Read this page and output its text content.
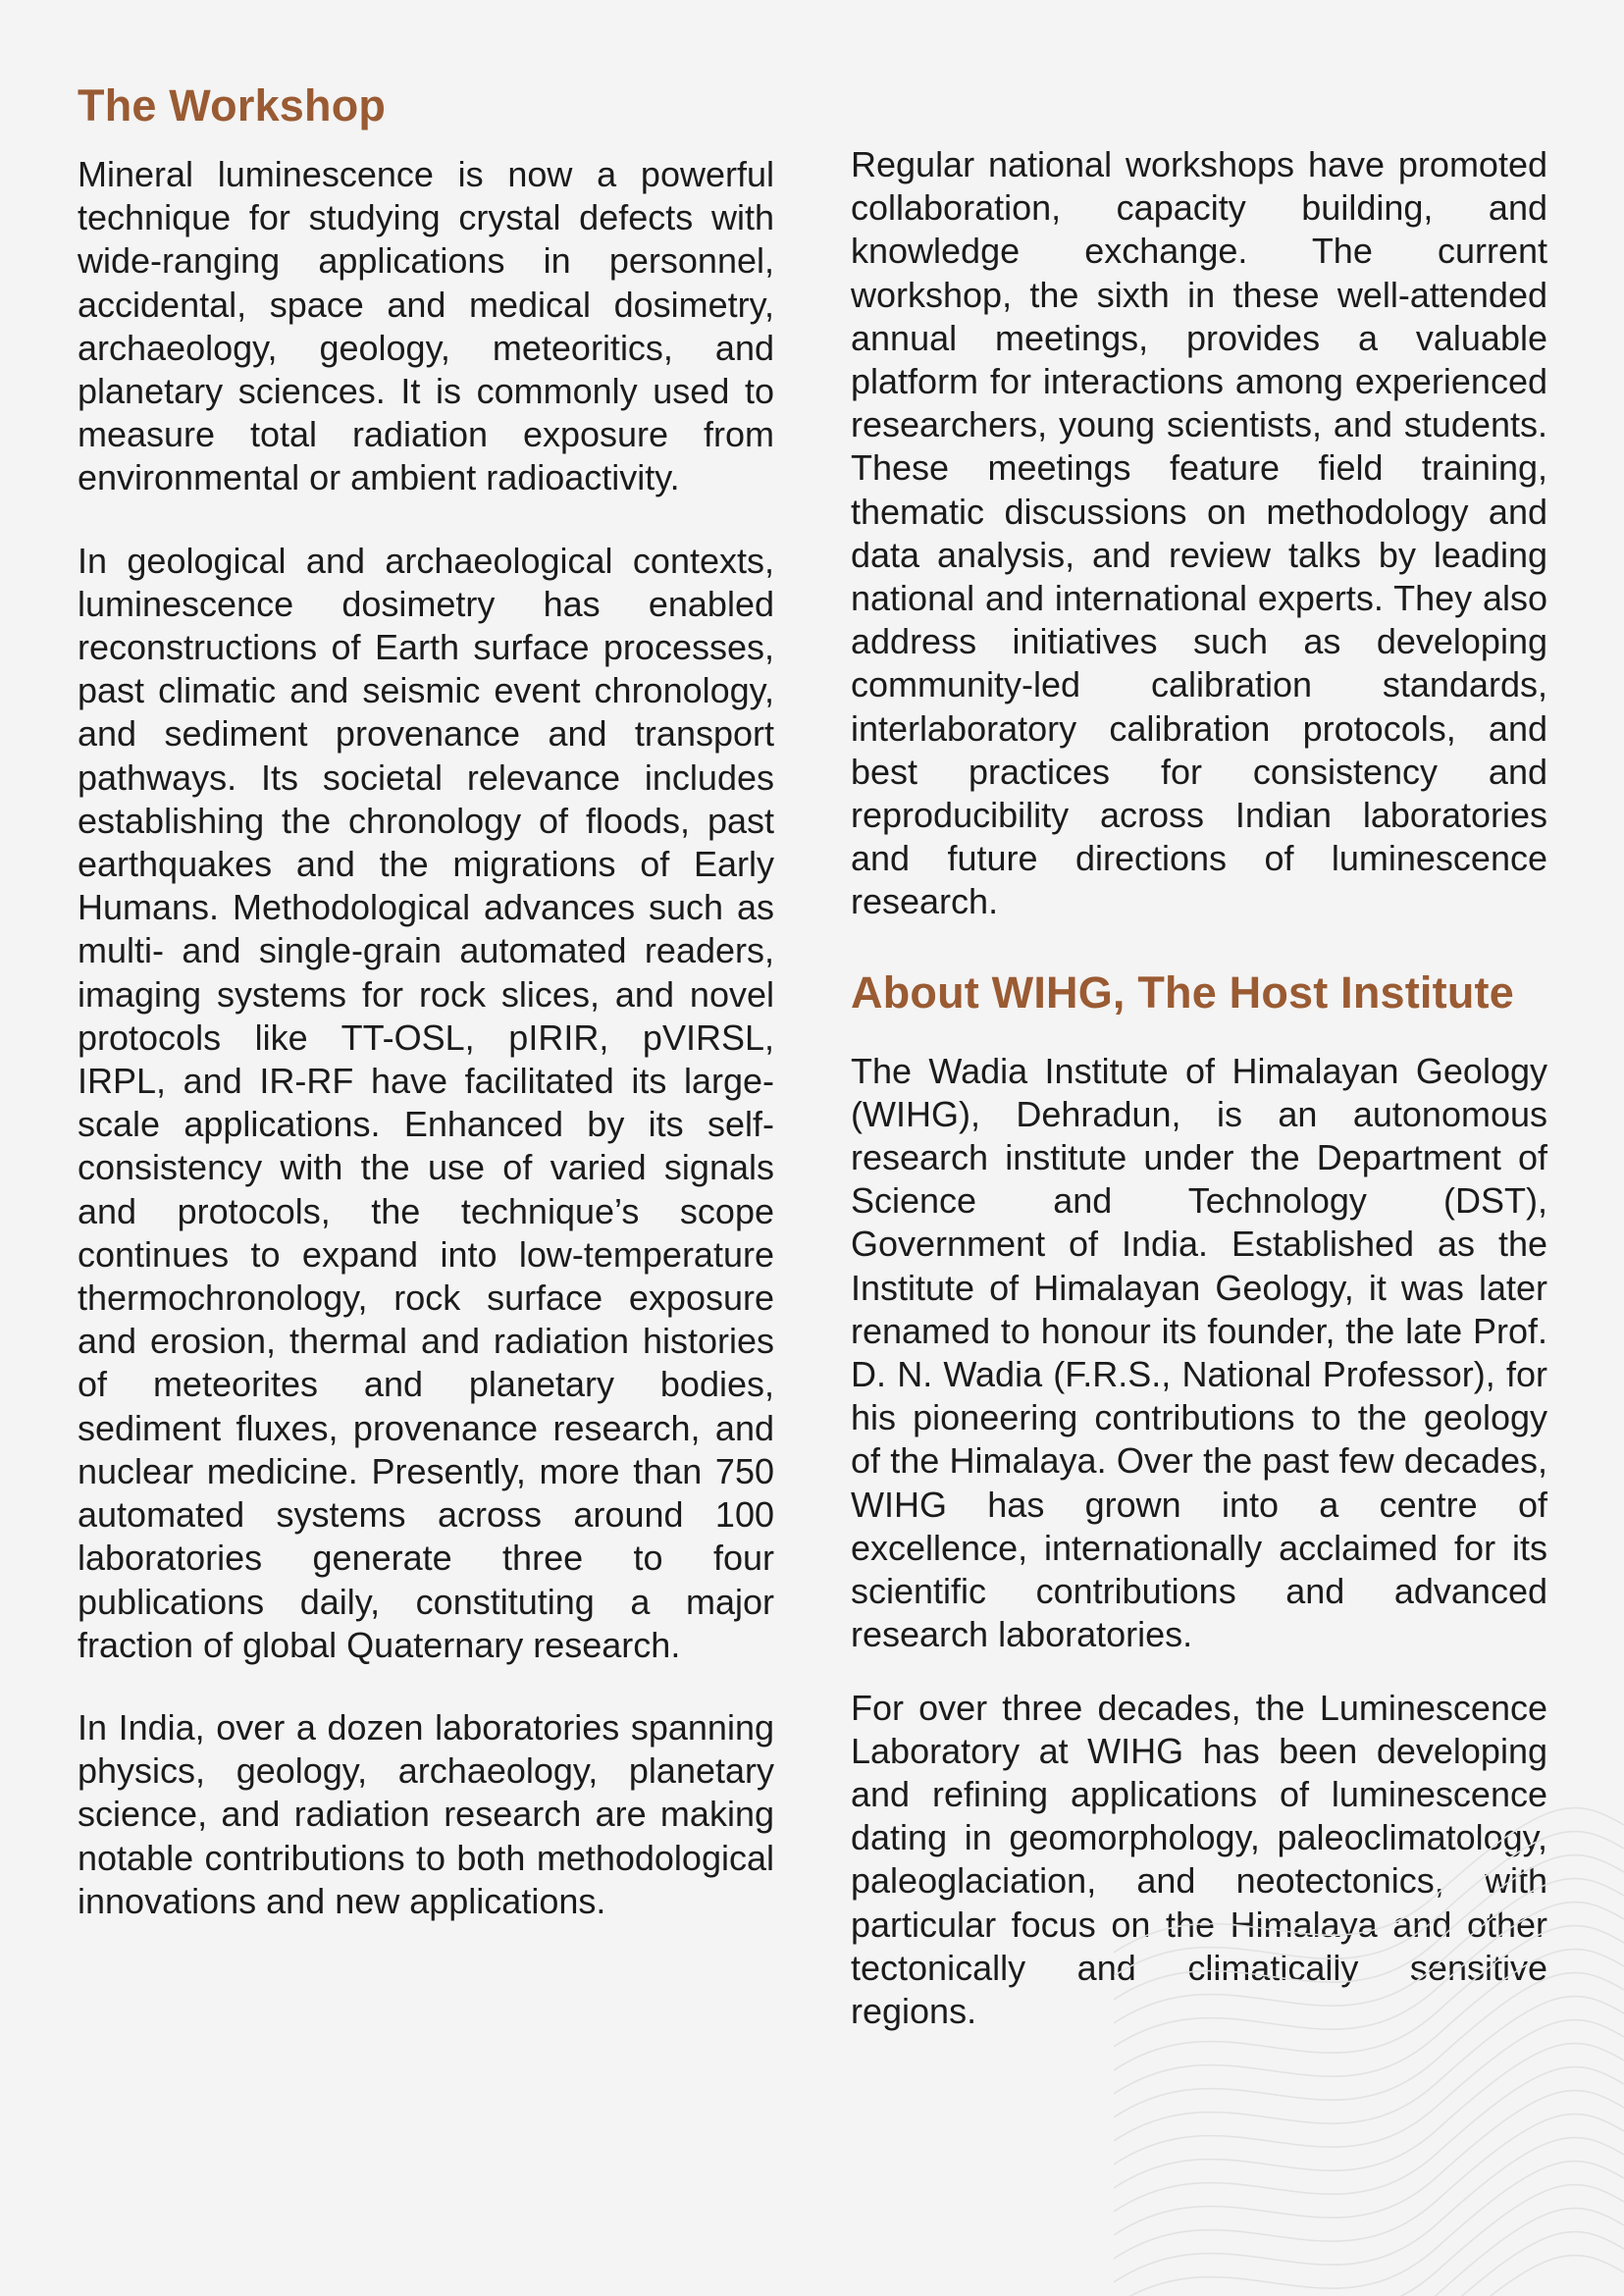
The Workshop

Mineral luminescence is now a powerful technique for studying crystal defects with wide-ranging applications in personnel, accidental, space and medical dosimetry, archaeology, geology, meteoritics, and planetary sciences. It is commonly used to measure total radiation exposure from environmental or ambient radioactivity.

In geological and archaeological contexts, luminescence dosimetry has enabled reconstructions of Earth surface processes, past climatic and seismic event chronology, and sediment provenance and transport pathways. Its societal relevance includes establishing the chronology of floods, past earthquakes and the migrations of Early Humans. Methodological advances such as multi- and single-grain automated readers, imaging systems for rock slices, and novel protocols like TT-OSL, pIRIR, pVIRSL, IRPL, and IR-RF have facilitated its large-scale applications. Enhanced by its self-consistency with the use of varied signals and protocols, the technique’s scope continues to expand into low-temperature thermochronology, rock surface exposure and erosion, thermal and radiation histories of meteorites and planetary bodies, sediment fluxes, provenance research, and nuclear medicine. Presently, more than 750 automated systems across around 100 laboratories generate three to four publications daily, constituting a major fraction of global Quaternary research.

In India, over a dozen laboratories spanning physics, geology, archaeology, planetary science, and radiation research are making notable contributions to both methodological innovations and new applications.

Regular national workshops have promoted collaboration, capacity building, and knowledge exchange. The current workshop, the sixth in these well-attended annual meetings, provides a valuable platform for interactions among experienced researchers, young scientists, and students. These meetings feature field training, thematic discussions on methodology and data analysis, and review talks by leading national and international experts. They also address initiatives such as developing community-led calibration standards, interlaboratory calibration protocols, and best practices for consistency and reproducibility across Indian laboratories and future directions of luminescence research.

About WIHG, The Host Institute

The Wadia Institute of Himalayan Geology (WIHG), Dehradun, is an autonomous research institute under the Department of Science and Technology (DST), Government of India. Established as the Institute of Himalayan Geology, it was later renamed to honour its founder, the late Prof. D. N. Wadia (F.R.S., National Professor), for his pioneering contributions to the geology of the Himalaya. Over the past few decades, WIHG has grown into a centre of excellence, internationally acclaimed for its scientific contributions and advanced research laboratories.

For over three decades, the Luminescence Laboratory at WIHG has been developing and refining applications of luminescence dating in geomorphology, paleoclimatology, paleoglaciation, and neotectonics, with particular focus on the Himalaya and other tectonically and climatically sensitive regions.
